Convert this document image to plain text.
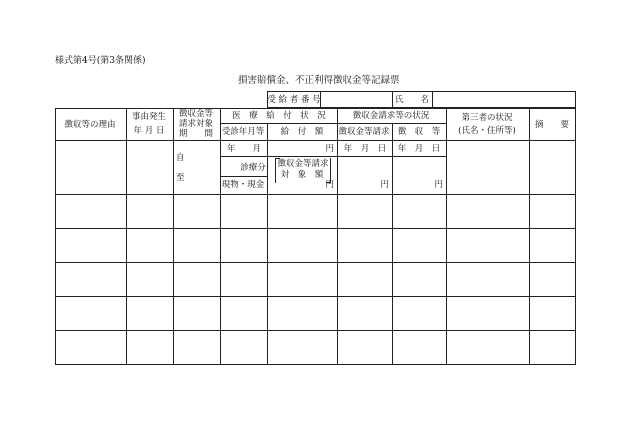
様式第4号(第3条関係)
損害賠償金、不正利得徴収金等記録票
受 給 者 番 号	氏　　名
徴収等の理由
事由発生
年 月 日
徴収金等
請求対象
期　　間
医　療　給　付　状　況
受診年月等 給　付　額
徴収金請求等の状況
徴収金等請求 徴　収　等
第三者の状況
(氏名・住所等)
摘　　要
自
至
年　　月
診療分
現物・現金
円
円
徴収金等請求
対　象　額
年　月　日
円
年　月　日
円
